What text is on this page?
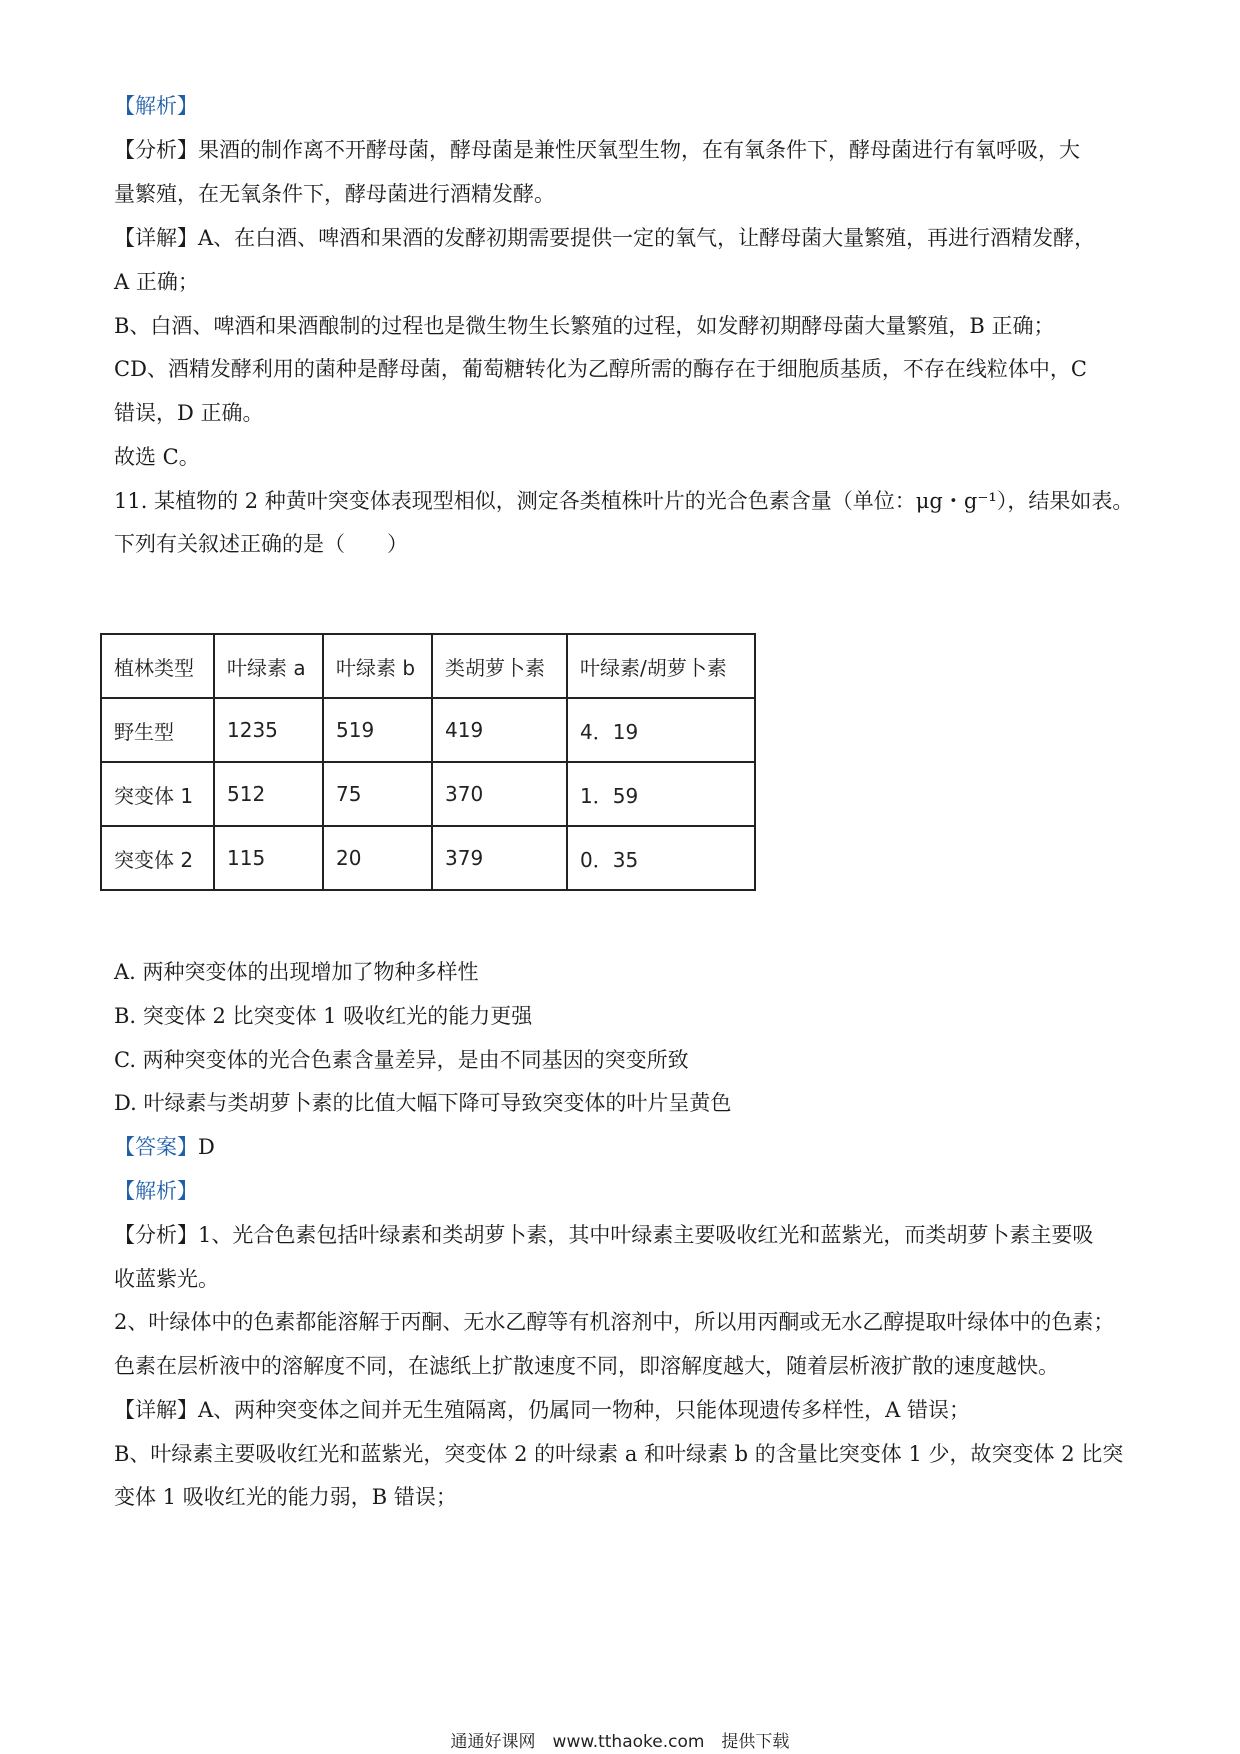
【解析】
【分析】果酒的制作离不开酵母菌，酵母菌是兼性厌氧型生物，在有氧条件下，酵母菌进行有氧呼吸，大
量繁殖，在无氧条件下，酵母菌进行酒精发酵。
【详解】A、在白酒、啤酒和果酒的发酵初期需要提供一定的氧气，让酵母菌大量繁殖，再进行酒精发酵，
A 正确；
B、白酒、啤酒和果酒酿制的过程也是微生物生长繁殖的过程，如发酵初期酵母菌大量繁殖，B 正确；
CD、酒精发酵利用的菌种是酵母菌，葡萄糖转化为乙醇所需的酶存在于细胞质基质，不存在线粒体中，C
错误，D 正确。
故选 C。
11. 某植物的 2 种黄叶突变体表现型相似，测定各类植株叶片的光合色素含量（单位：μg・g⁻¹），结果如表。
下列有关叙述正确的是（　　）
植林类型	叶绿素 a	叶绿素 b	类胡萝卜素	叶绿素/胡萝卜素
野生型	1235	519	419	4．19
突变体 1	512	75	370	1．59
突变体 2	115	20	379	0．35
A. 两种突变体的出现增加了物种多样性
B. 突变体 2 比突变体 1 吸收红光的能力更强
C. 两种突变体的光合色素含量差异，是由不同基因的突变所致
D. 叶绿素与类胡萝卜素的比值大幅下降可导致突变体的叶片呈黄色
【答案】D
【解析】
【分析】1、光合色素包括叶绿素和类胡萝卜素，其中叶绿素主要吸收红光和蓝紫光，而类胡萝卜素主要吸
收蓝紫光。
2、叶绿体中的色素都能溶解于丙酮、无水乙醇等有机溶剂中，所以用丙酮或无水乙醇提取叶绿体中的色素；
色素在层析液中的溶解度不同，在滤纸上扩散速度不同，即溶解度越大，随着层析液扩散的速度越快。
【详解】A、两种突变体之间并无生殖隔离，仍属同一物种，只能体现遗传多样性，A 错误；
B、叶绿素主要吸收红光和蓝紫光，突变体 2 的叶绿素 a 和叶绿素 b 的含量比突变体 1 少，故突变体 2 比突
变体 1 吸收红光的能力弱，B 错误；
通通好课网　www.tthaoke.com　提供下载
